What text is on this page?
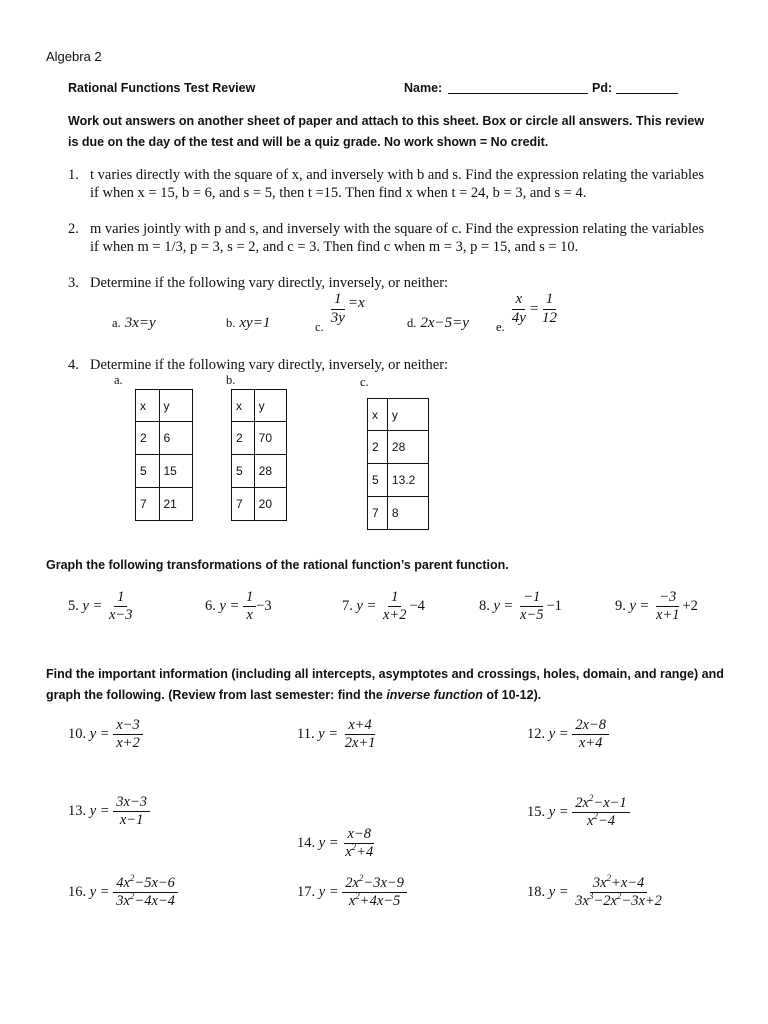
Algebra 2
Rational Functions Test Review	Name:	Pd:
Work out answers on another sheet of paper and attach to this sheet. Box or circle all answers. This review is due on the day of the test and will be a quiz grade. No work shown = No credit.
1. t varies directly with the square of x, and inversely with b and s. Find the expression relating the variables if when x = 15, b = 6, and s = 5, then t =15. Then find x when t = 24, b = 3, and s = 4.
2. m varies jointly with p and s, and inversely with the square of c. Find the expression relating the variables if when m = 1/3, p = 3, s = 2, and c = 3. Then find c when m = 3, p = 15, and s = 10.
3. Determine if the following vary directly, inversely, or neither:
a. 3x=y	b. xy=1	$_{c.}$
$\frac{1}{3y} =x$
d. 2x−5=y $_{e.}$
$\frac{x}{4y} = \frac{1}{12}$
4. Determine if the following vary directly, inversely, or neither:
a.	b.	c.
x	y
2	6
5	15
7	21
x	y
2	70
5	28
7	20
x	y
2	28
5	13.2
7	8
Graph the following transformations of the rational function’s parent function.
5. $y = \frac{1}{x-3}$	6. $y = \frac{1}{x} -3$	7. $y = \frac{1}{x+2} -4$	8. $y = \frac{-1}{x-5} -1$	9. $y = \frac{-3}{x+1} +2$
Find the important information (including all intercepts, asymptotes and crossings, holes, domain, and range) and graph the following. (Review from last semester: find the inverse function of 10-12).
10. $y = \frac{x-3}{x+2}$	11. $y = \frac{x+4}{2x+1}$	12. $y = \frac{2x-8}{x+4}$
13. $y = \frac{3x-3}{x-1}$
14. $y = \frac{x-8}{x^2+4}$
15. $y = \frac{2x^2-x-1}{x^2-4}$
16. $y = \frac{4x^2-5x-6}{3x^2-4x-4}$	17. $y = \frac{2x^2-3x-9}{x^2+4x-5}$	18. $y = \frac{3x^2+x-4}{3x^3-2x^2-3x+2}$
